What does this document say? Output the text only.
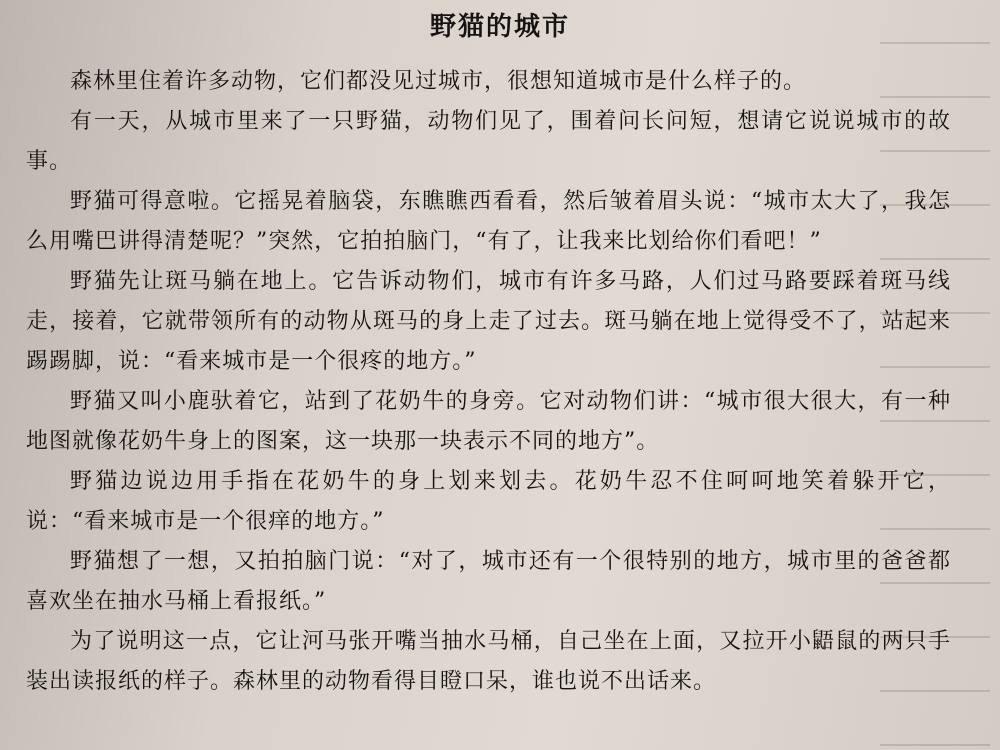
野猫的城市

森林里住着许多动物，它们都没见过城市，很想知道城市是什么样子的。

有一天，从城市里来了一只野猫，动物们见了，围着问长问短，想请它说说城市的故事。

野猫可得意啦。它摇晃着脑袋，东瞧瞧西看看，然后皱着眉头说：“城市太大了，我怎么用嘴巴讲得清楚呢？”突然，它拍拍脑门，“有了，让我来比划给你们看吧！”

野猫先让斑马躺在地上。它告诉动物们，城市有许多马路，人们过马路要踩着斑马线走，接着，它就带领所有的动物从斑马的身上走了过去。斑马躺在地上觉得受不了，站起来踢踢脚，说：“看来城市是一个很疼的地方。”

野猫又叫小鹿驮着它，站到了花奶牛的身旁。它对动物们讲：“城市很大很大，有一种地图就像花奶牛身上的图案，这一块那一块表示不同的地方”。

野猫边说边用手指在花奶牛的身上划来划去。花奶牛忍不住呵呵地笑着躲开它，说：“看来城市是一个很痒的地方。”

野猫想了一想，又拍拍脑门说：“对了，城市还有一个很特别的地方，城市里的爸爸都喜欢坐在抽水马桶上看报纸。”

为了说明这一点，它让河马张开嘴当抽水马桶，自己坐在上面，又拉开小鼯鼠的两只手装出读报纸的样子。森林里的动物看得目瞪口呆，谁也说不出话来。
